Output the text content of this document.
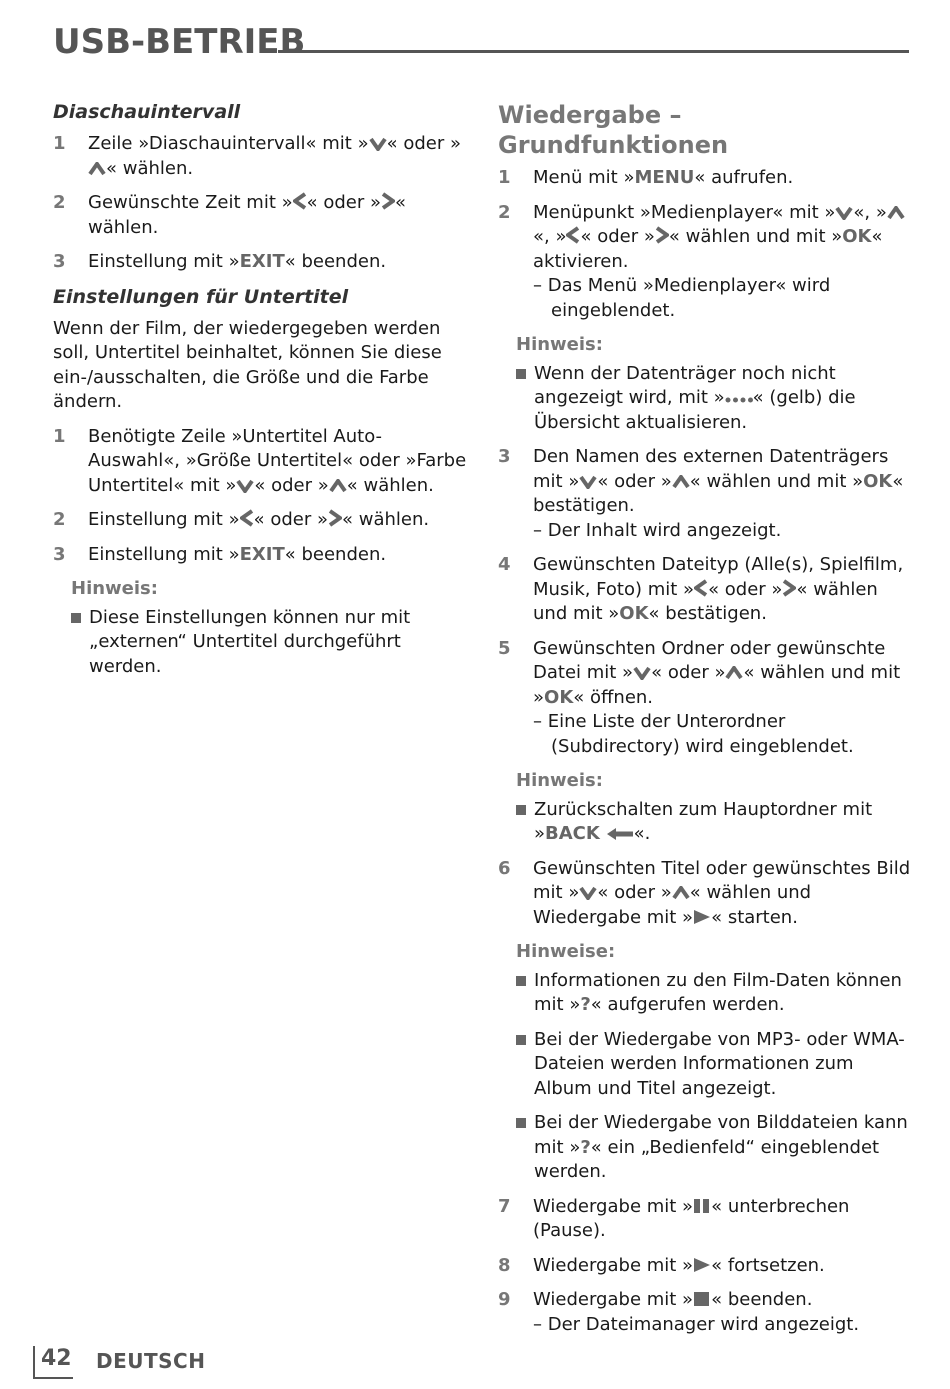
USB-BETRIEB
Diaschauintervall
1	Zeile »Diaschauintervall« mit » « oder »« wählen.
2	Gewünschte Zeit mit » « oder » « wählen.
3	Einstellung mit »EXIT« beenden.
Einstellungen für Untertitel
Wenn der Film, der wiedergegeben werden soll, Untertitel beinhaltet, können Sie diese ein-/ausschalten, die Größe und die Farbe ändern.
1	Benötigte Zeile »Untertitel Auto-Auswahl«, »Größe Untertitel« oder »Farbe Untertitel« mit » « oder » « wählen.
2	Einstellung mit » « oder » « wählen.
3	Einstellung mit »EXIT« beenden.
Hinweis:
Diese Einstellungen können nur mit „externen“ Untertitel durchgeführt werden.
Wiedergabe – Grundfunktionen
1	Menü mit »MENU« aufrufen.
2	Menüpunkt »Medienplayer« mit » «, »«, » « oder » « wählen und mit »OK« aktivieren.
– Das Menü »Medienplayer« wird eingeblendet.
Hinweis:
Wenn der Datenträger noch nicht angezeigt wird, mit » « (gelb) die Übersicht aktualisieren.
3	Den Namen des externen Datenträgers mit » « oder » « wählen und mit »OK« bestätigen.
– Der Inhalt wird angezeigt.
4	Gewünschten Dateityp (Alle(s), Spielfilm, Musik, Foto) mit » « oder » « wählen und mit »OK« bestätigen.
5	Gewünschten Ordner oder gewünschte Datei mit » « oder » « wählen und mit »OK« öffnen.
– Eine Liste der Unterordner (Subdirectory) wird eingeblendet.
Hinweis:
Zurückschalten zum Hauptordner mit »BACK «.
6	Gewünschten Titel oder gewünschtes Bild mit » « oder » « wählen und Wiedergabe mit » « starten.
Hinweise:
Informationen zu den Film-Daten können mit »?« aufgerufen werden.
Bei der Wiedergabe von MP3- oder WMA-Dateien werden Informationen zum Album und Titel angezeigt.
Bei der Wiedergabe von Bilddateien kann mit »?« ein „Bedienfeld“ eingeblendet werden.
7	Wiedergabe mit » « unterbrechen (Pause).
8	Wiedergabe mit » « fortsetzen.
9	Wiedergabe mit » « beenden.
– Der Dateimanager wird angezeigt.
42 DEUTSCH
